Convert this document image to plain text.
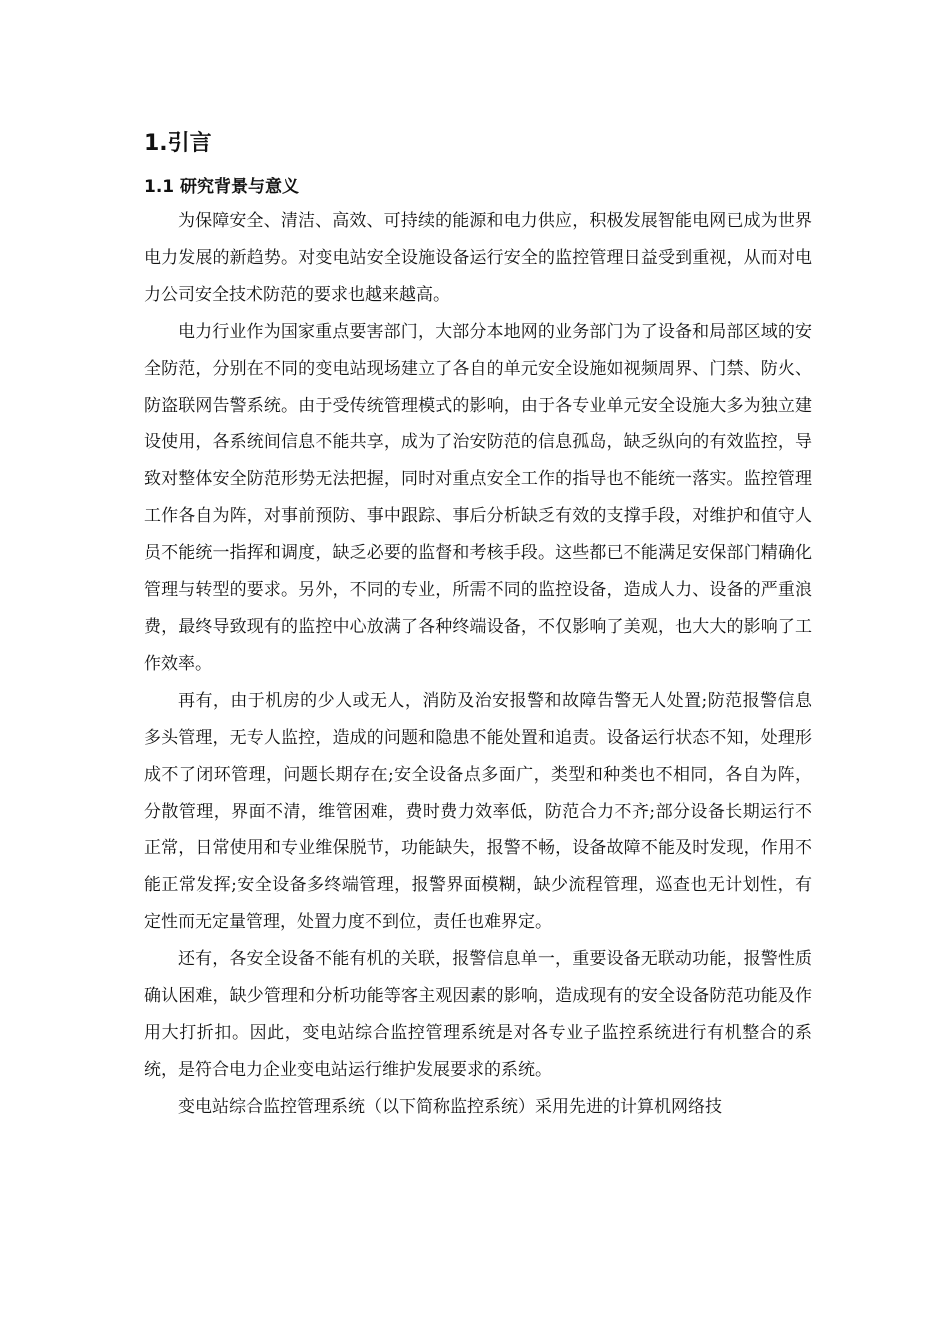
1.引言
1.1 研究背景与意义

为保障安全、清洁、高效、可持续的能源和电力供应，积极发展智能电网已成为世界电力发展的新趋势。对变电站安全设施设备运行安全的监控管理日益受到重视，从而对电力公司安全技术防范的要求也越来越高。

电力行业作为国家重点要害部门，大部分本地网的业务部门为了设备和局部区域的安全防范，分别在不同的变电站现场建立了各自的单元安全设施如视频周界、门禁、防火、防盗联网告警系统。由于受传统管理模式的影响，由于各专业单元安全设施大多为独立建设使用，各系统间信息不能共享，成为了治安防范的信息孤岛，缺乏纵向的有效监控，导致对整体安全防范形势无法把握，同时对重点安全工作的指导也不能统一落实。监控管理工作各自为阵，对事前预防、事中跟踪、事后分析缺乏有效的支撑手段，对维护和值守人员不能统一指挥和调度，缺乏必要的监督和考核手段。这些都已不能满足安保部门精确化管理与转型的要求。另外，不同的专业，所需不同的监控设备，造成人力、设备的严重浪费，最终导致现有的监控中心放满了各种终端设备，不仅影响了美观，也大大的影响了工作效率。

再有，由于机房的少人或无人，消防及治安报警和故障告警无人处置;防范报警信息多头管理，无专人监控，造成的问题和隐患不能处置和追责。设备运行状态不知，处理形成不了闭环管理，问题长期存在;安全设备点多面广，类型和种类也不相同，各自为阵，分散管理，界面不清，维管困难，费时费力效率低，防范合力不齐;部分设备长期运行不正常，日常使用和专业维保脱节，功能缺失，报警不畅，设备故障不能及时发现，作用不能正常发挥;安全设备多终端管理，报警界面模糊，缺少流程管理，巡查也无计划性，有定性而无定量管理，处置力度不到位，责任也难界定。

还有，各安全设备不能有机的关联，报警信息单一，重要设备无联动功能，报警性质确认困难，缺少管理和分析功能等客主观因素的影响，造成现有的安全设备防范功能及作用大打折扣。因此，变电站综合监控管理系统是对各专业子监控系统进行有机整合的系统，是符合电力企业变电站运行维护发展要求的系统。

变电站综合监控管理系统（以下简称监控系统）采用先进的计算机网络技
